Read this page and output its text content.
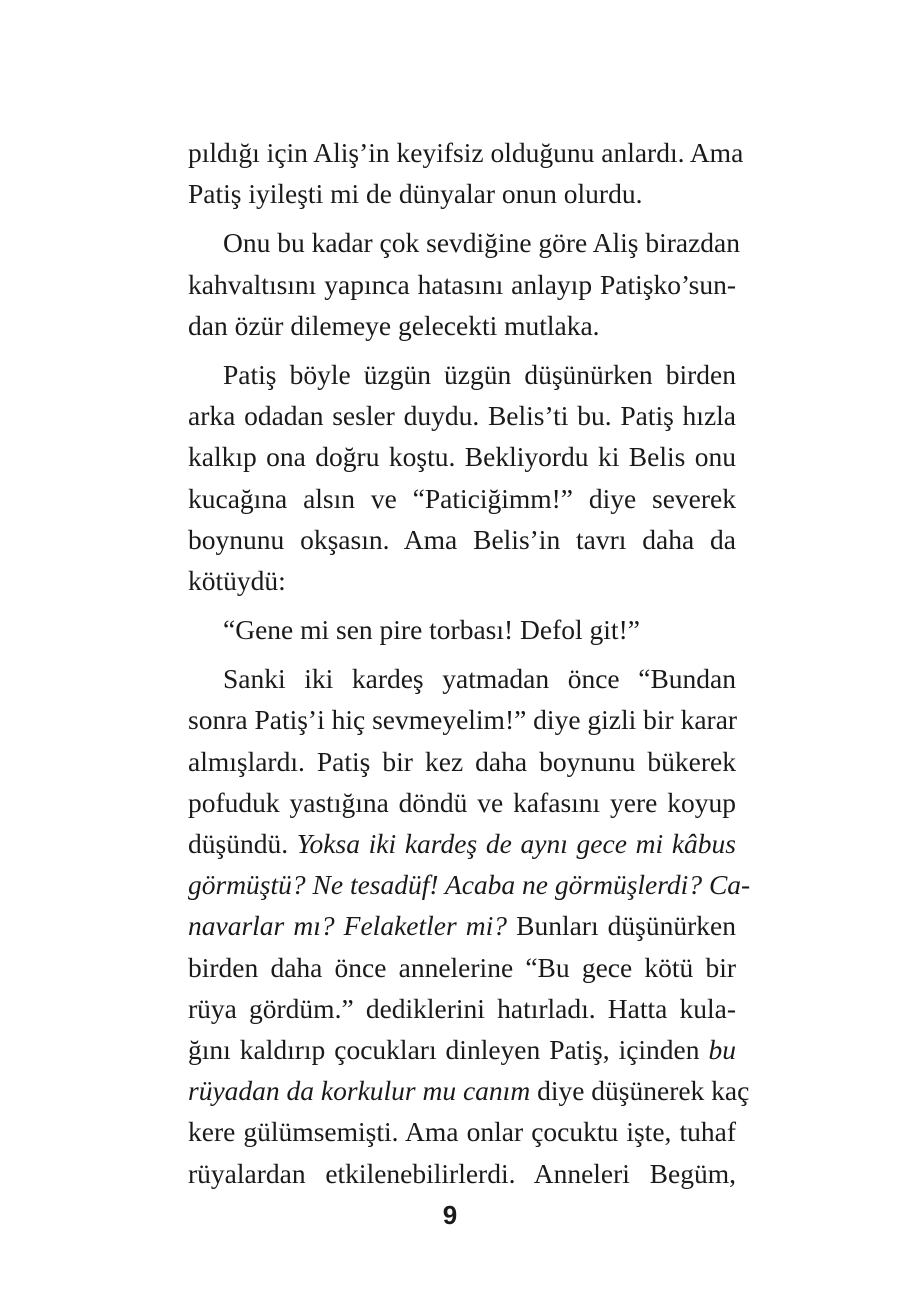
pıldığı için Aliş’in keyifsiz olduğunu anlardı. Ama
Patiş iyileşti mi de dünyalar onun olurdu.
Onu bu kadar çok sevdiğine göre Aliş birazdan
kahvaltısını yapınca hatasını anlayıp Patişko’sun-
dan özür dilemeye gelecekti mutlaka.
Patiş böyle üzgün üzgün düşünürken birden
arka odadan sesler duydu. Belis’ti bu. Patiş hızla
kalkıp ona doğru koştu. Bekliyordu ki Belis onu
kucağına alsın ve “Paticiğimm!” diye severek
boynunu okşasın. Ama Belis’in tavrı daha da
kötüydü:
“Gene mi sen pire torbası! Defol git!”
Sanki iki kardeş yatmadan önce “Bundan
sonra Patiş’i hiç sevmeyelim!” diye gizli bir karar
almışlardı. Patiş bir kez daha boynunu bükerek
pofuduk yastığına döndü ve kafasını yere koyup
düşündü. Yoksa iki kardeş de aynı gece mi kâbus
görmüştü? Ne tesadüf! Acaba ne görmüşlerdi? Ca-
navarlar mı? Felaketler mi? Bunları düşünürken
birden daha önce annelerine “Bu gece kötü bir
rüya gördüm.” dediklerini hatırladı. Hatta kula-
ğını kaldırıp çocukları dinleyen Patiş, içinden bu
rüyadan da korkulur mu canım diye düşünerek kaç
kere gülümsemişti. Ama onlar çocuktu işte, tuhaf
rüyalardan etkilenebilirlerdi. Anneleri Begüm,
9
